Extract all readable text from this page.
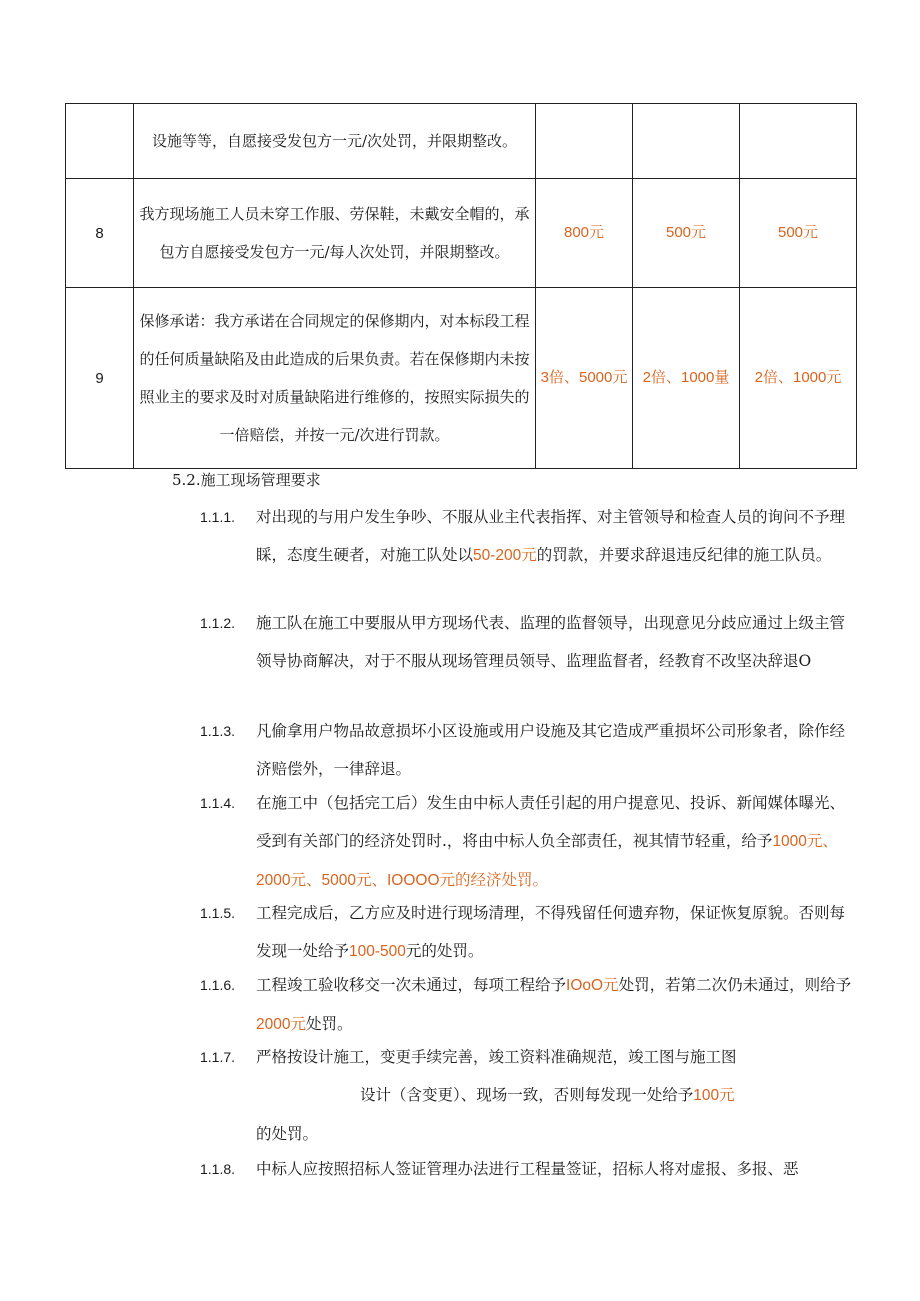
	设施等等，自愿接受发包方一元/次处罚，并限期整改。			
8	我方现场施工人员未穿工作服、劳保鞋，未戴安全帽的，承包方自愿接受发包方一元/每人次处罚，并限期整改。	800元	500元	500元
9	保修承诺：我方承诺在合同规定的保修期内，对本标段工程的任何质量缺陷及由此造成的后果负责。若在保修期内未按照业主的要求及时对质量缺陷进行维修的，按照实际损失的一倍赔偿，并按一元/次进行罚款。	3倍、5000元	2倍、1000量	2倍、1000元
5.2.施工现场管理要求
1.1.1. 对出现的与用户发生争吵、不服从业主代表指挥、对主管领导和检查人员的询问不予理睬，态度生硬者，对施工队处以50-200元的罚款，并要求辞退违反纪律的施工队员。
1.1.2. 施工队在施工中要服从甲方现场代表、监理的监督领导，出现意见分歧应通过上级主管领导协商解决，对于不服从现场管理员领导、监理监督者，经教育不改坚决辞退O
1.1.3. 凡偷拿用户物品故意损坏小区设施或用户设施及其它造成严重损坏公司形象者，除作经济赔偿外，一律辞退。
1.1.4. 在施工中（包括完工后）发生由中标人责任引起的用户提意见、投诉、新闻媒体曝光、受到有关部门的经济处罚时.，将由中标人负全部责任，视其情节轻重，给予1000元、2000元、5000元、IOOOO元的经济处罚。
1.1.5. 工程完成后，乙方应及时进行现场清理，不得残留任何遗弃物，保证恢复原貌。否则每发现一处给予100-500元的处罚。
1.1.6. 工程竣工验收移交一次未通过，每项工程给予IOoO元处罚，若第二次仍未通过，则给予2000元处罚。
1.1.7. 严格按设计施工，变更手续完善，竣工资料准确规范，竣工图与施工图
设计（含变更）、现场一致，否则每发现一处给予100元
的处罚。
1.1.8. 中标人应按照招标人签证管理办法进行工程量签证，招标人将对虚报、多报、恶
